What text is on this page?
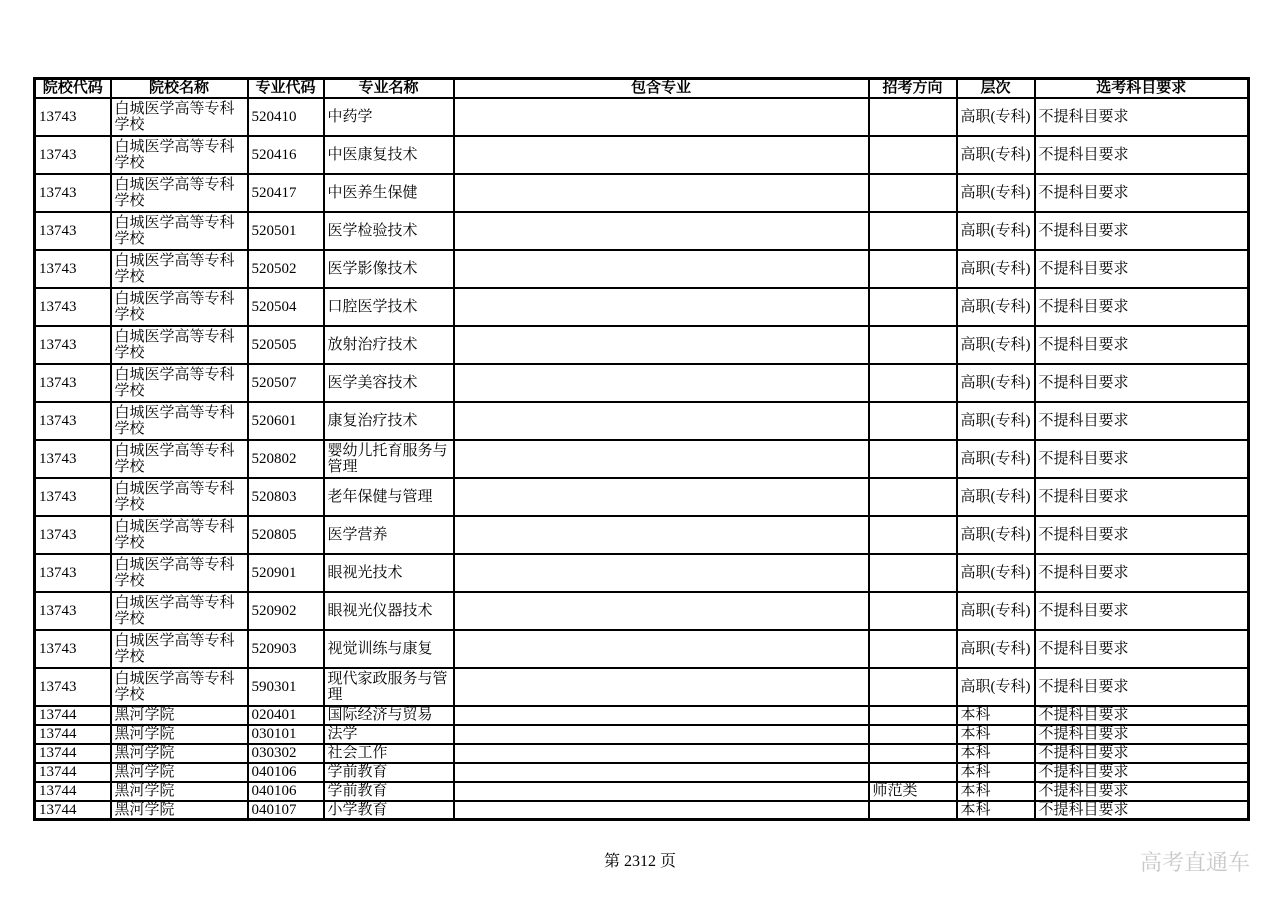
院校代码	院校名称	专业代码	专业名称	包含专业	招考方向	层次	选考科目要求
13743	白城医学高等专科学校	520410	中药学			高职(专科)	不提科目要求
13743	白城医学高等专科学校	520416	中医康复技术			高职(专科)	不提科目要求
13743	白城医学高等专科学校	520417	中医养生保健			高职(专科)	不提科目要求
13743	白城医学高等专科学校	520501	医学检验技术			高职(专科)	不提科目要求
13743	白城医学高等专科学校	520502	医学影像技术			高职(专科)	不提科目要求
13743	白城医学高等专科学校	520504	口腔医学技术			高职(专科)	不提科目要求
13743	白城医学高等专科学校	520505	放射治疗技术			高职(专科)	不提科目要求
13743	白城医学高等专科学校	520507	医学美容技术			高职(专科)	不提科目要求
13743	白城医学高等专科学校	520601	康复治疗技术			高职(专科)	不提科目要求
13743	白城医学高等专科学校	520802	婴幼儿托育服务与管理			高职(专科)	不提科目要求
13743	白城医学高等专科学校	520803	老年保健与管理			高职(专科)	不提科目要求
13743	白城医学高等专科学校	520805	医学营养			高职(专科)	不提科目要求
13743	白城医学高等专科学校	520901	眼视光技术			高职(专科)	不提科目要求
13743	白城医学高等专科学校	520902	眼视光仪器技术			高职(专科)	不提科目要求
13743	白城医学高等专科学校	520903	视觉训练与康复			高职(专科)	不提科目要求
13743	白城医学高等专科学校	590301	现代家政服务与管理			高职(专科)	不提科目要求
13744	黑河学院	020401	国际经济与贸易			本科	不提科目要求
13744	黑河学院	030101	法学			本科	不提科目要求
13744	黑河学院	030302	社会工作			本科	不提科目要求
13744	黑河学院	040106	学前教育			本科	不提科目要求
13744	黑河学院	040106	学前教育		师范类	本科	不提科目要求
13744	黑河学院	040107	小学教育			本科	不提科目要求
第 2312 页	高考直通车
